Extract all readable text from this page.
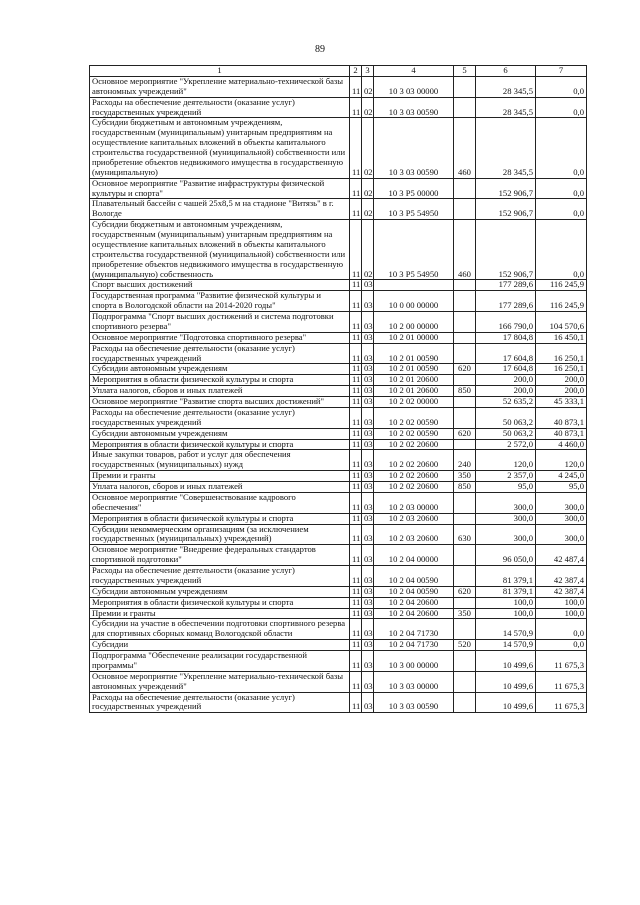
89
1	2	3	4	5	6	7
Основное мероприятие "Укрепление материально-технической базы автономных учреждений"	11	02	10 3 03 00000		28 345,5	0,0
Расходы на обеспечение деятельности (оказание услуг) государственных учреждений	11	02	10 3 03 00590		28 345,5	0,0
Субсидии бюджетным и автономным учреждениям, государственным (муниципальным) унитарным предприятиям на осуществление капитальных вложений в объекты капитального строительства государственной (муниципальной) собственности или приобретение объектов недвижимого имущества в государственную (муниципальную)	11	02	10 3 03 00590	460	28 345,5	0,0
Основное мероприятие "Развитие инфраструктуры физической культуры и спорта"	11	02	10 3 P5 00000		152 906,7	0,0
Плавательный бассейн с чашей 25х8,5 м на стадионе "Витязь" в г. Вологде	11	02	10 3 P5 54950		152 906,7	0,0
Субсидии бюджетным и автономным учреждениям, государственным (муниципальным) унитарным предприятиям на осуществление капитальных вложений в объекты капитального строительства государственной (муниципальной) собственности или приобретение объектов недвижимого имущества в государственную (муниципальную) собственность	11	02	10 3 P5 54950	460	152 906,7	0,0
Спорт высших достижений	11	03			177 289,6	116 245,9
Государственная программа "Развитие физической культуры и спорта в Вологодской области на 2014-2020 годы"	11	03	10 0 00 00000		177 289,6	116 245,9
Подпрограмма "Спорт высших достижений и система подготовки спортивного резерва"	11	03	10 2 00 00000		166 790,0	104 570,6
Основное мероприятие "Подготовка спортивного резерва"	11	03	10 2 01 00000		17 804,8	16 450,1
Расходы на обеспечение деятельности (оказание услуг) государственных учреждений	11	03	10 2 01 00590		17 604,8	16 250,1
Субсидии автономным учреждениям	11	03	10 2 01 00590	620	17 604,8	16 250,1
Мероприятия в области физической культуры и спорта	11	03	10 2 01 20600		200,0	200,0
Уплата налогов, сборов и иных платежей	11	03	10 2 01 20600	850	200,0	200,0
Основное мероприятие "Развитие спорта высших достижений"	11	03	10 2 02 00000		52 635,2	45 333,1
Расходы на обеспечение деятельности (оказание услуг) государственных учреждений	11	03	10 2 02 00590		50 063,2	40 873,1
Субсидии автономным учреждениям	11	03	10 2 02 00590	620	50 063,2	40 873,1
Мероприятия в области физической культуры и спорта	11	03	10 2 02 20600		2 572,0	4 460,0
Иные закупки товаров, работ и услуг для обеспечения государственных (муниципальных) нужд	11	03	10 2 02 20600	240	120,0	120,0
Премии и гранты	11	03	10 2 02 20600	350	2 357,0	4 245,0
Уплата налогов, сборов и иных платежей	11	03	10 2 02 20600	850	95,0	95,0
Основное мероприятие "Совершенствование кадрового обеспечения"	11	03	10 2 03 00000		300,0	300,0
Мероприятия в области физической культуры и спорта	11	03	10 2 03 20600		300,0	300,0
Субсидии некоммерческим организациям (за исключением государственных (муниципальных) учреждений)	11	03	10 2 03 20600	630	300,0	300,0
Основное мероприятие "Внедрение федеральных стандартов спортивной подготовки"	11	03	10 2 04 00000		96 050,0	42 487,4
Расходы на обеспечение деятельности (оказание услуг) государственных учреждений	11	03	10 2 04 00590		81 379,1	42 387,4
Субсидии автономным учреждениям	11	03	10 2 04 00590	620	81 379,1	42 387,4
Мероприятия в области физической культуры и спорта	11	03	10 2 04 20600		100,0	100,0
Премии и гранты	11	03	10 2 04 20600	350	100,0	100,0
Субсидии на участие в обеспечении подготовки спортивного резерва для спортивных сборных команд Вологодской области	11	03	10 2 04 71730		14 570,9	0,0
Субсидии	11	03	10 2 04 71730	520	14 570,9	0,0
Подпрограмма "Обеспечение реализации государственной программы"	11	03	10 3 00 00000		10 499,6	11 675,3
Основное мероприятие "Укрепление материально-технической базы автономных учреждений"	11	03	10 3 03 00000		10 499,6	11 675,3
Расходы на обеспечение деятельности (оказание услуг) государственных учреждений	11	03	10 3 03 00590		10 499,6	11 675,3
